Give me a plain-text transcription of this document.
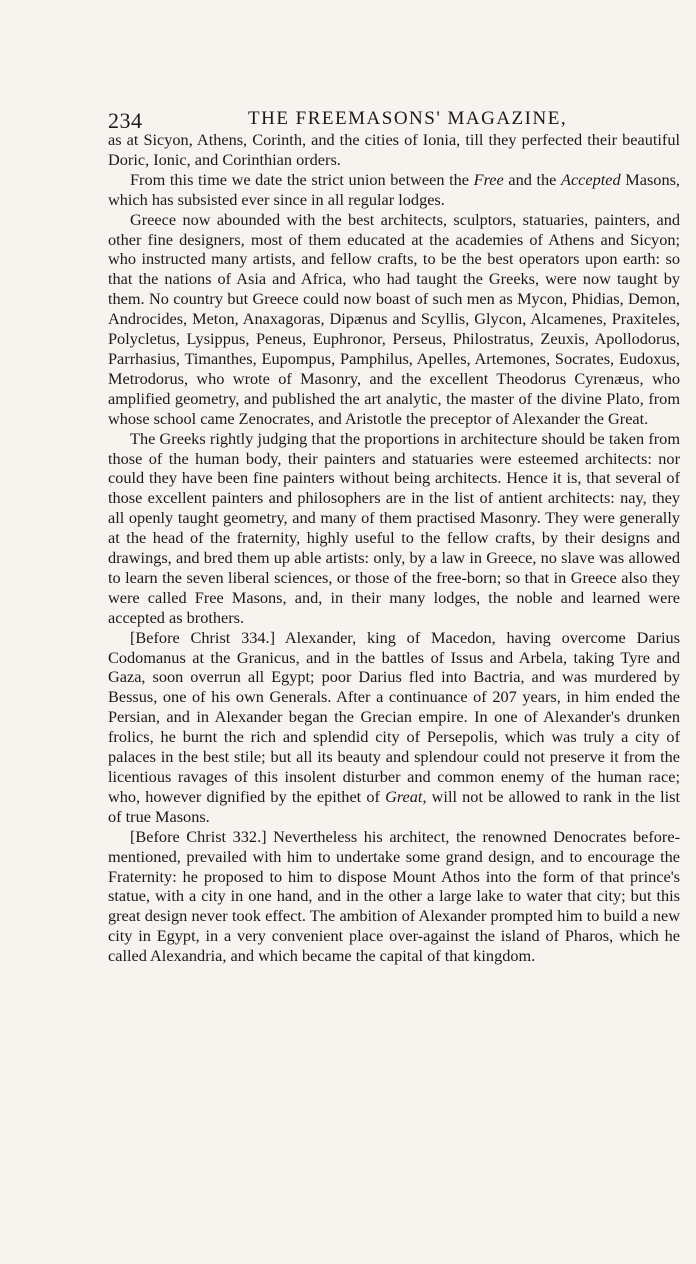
234	THE FREEMASONS' MAGAZINE,

as at Sicyon, Athens, Corinth, and the cities of Ionia, till they perfected their beautiful Doric, Ionic, and Corinthian orders.

From this time we date the strict union between the Free and the Accepted Masons, which has subsisted ever since in all regular lodges.

Greece now abounded with the best architects, sculptors, statuaries, painters, and other fine designers, most of them educated at the academies of Athens and Sicyon; who instructed many artists, and fellow crafts, to be the best operators upon earth: so that the nations of Asia and Africa, who had taught the Greeks, were now taught by them. No country but Greece could now boast of such men as Mycon, Phidias, Demon, Androcides, Meton, Anaxagoras, Dipænus and Scyllis, Glycon, Alcamenes, Praxiteles, Polycletus, Lysippus, Peneus, Euphronor, Perseus, Philostratus, Zeuxis, Apollodorus, Parrhasius, Timanthes, Eupompus, Pamphilus, Apelles, Artemones, Socrates, Eudoxus, Metrodorus, who wrote of Masonry, and the excellent Theodorus Cyrenæus, who amplified geometry, and published the art analytic, the master of the divine Plato, from whose school came Zenocrates, and Aristotle the preceptor of Alexander the Great.

The Greeks rightly judging that the proportions in architecture should be taken from those of the human body, their painters and statuaries were esteemed architects: nor could they have been fine painters without being architects. Hence it is, that several of those excellent painters and philosophers are in the list of antient architects: nay, they all openly taught geometry, and many of them practised Masonry. They were generally at the head of the fraternity, highly useful to the fellow crafts, by their designs and drawings, and bred them up able artists: only, by a law in Greece, no slave was allowed to learn the seven liberal sciences, or those of the free-born; so that in Greece also they were called Free Masons, and, in their many lodges, the noble and learned were accepted as brothers.

[Before Christ 334.] Alexander, king of Macedon, having overcome Darius Codomanus at the Granicus, and in the battles of Issus and Arbela, taking Tyre and Gaza, soon overrun all Egypt; poor Darius fled into Bactria, and was murdered by Bessus, one of his own Generals. After a continuance of 207 years, in him ended the Persian, and in Alexander began the Grecian empire. In one of Alexander's drunken frolics, he burnt the rich and splendid city of Persepolis, which was truly a city of palaces in the best stile; but all its beauty and splendour could not preserve it from the licentious ravages of this insolent disturber and common enemy of the human race; who, however dignified by the epithet of Great, will not be allowed to rank in the list of true Masons.

[Before Christ 332.] Nevertheless his architect, the renowned Denocrates before-mentioned, prevailed with him to undertake some grand design, and to encourage the Fraternity: he proposed to him to dispose Mount Athos into the form of that prince's statue, with a city in one hand, and in the other a large lake to water that city; but this great design never took effect. The ambition of Alexander prompted him to build a new city in Egypt, in a very convenient place over-against the island of Pharos, which he called Alexandria, and which became the capital of that kingdom.
